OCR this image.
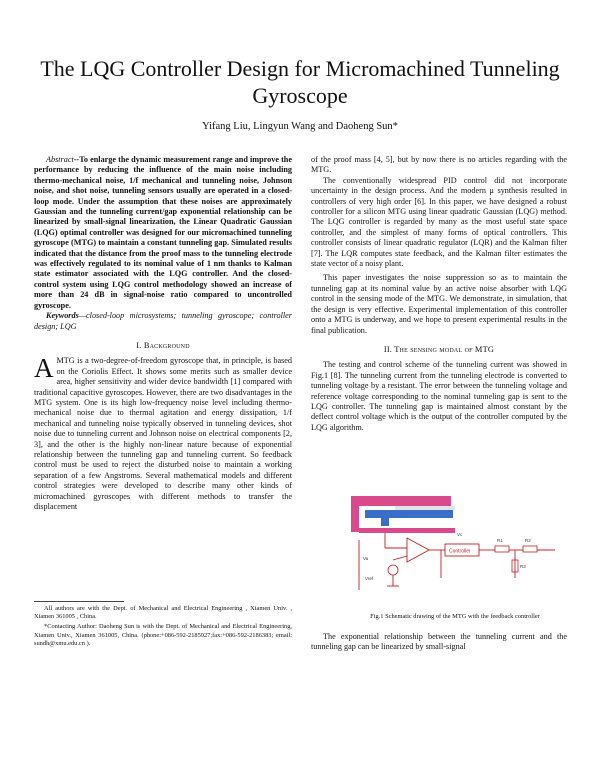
The LQG Controller Design for Micromachined Tunneling Gyroscope
Yifang Liu, Lingyun Wang and Daoheng Sun*

Abstract--To enlarge the dynamic measurement range and improve the performance by reducing the influence of the main noise including thermo-mechanical noise, 1/f mechanical and tunneling noise, Johnson noise, and shot noise, tunneling sensors usually are operated in a closed-loop mode. Under the assumption that these noises are approximately Gaussian and the tunneling current/gap exponential relationship can be linearized by small-signal linearization, the Linear Quadratic Gaussian (LQG) optimal controller was designed for our micromachined tunneling gyroscope (MTG) to maintain a constant tunneling gap. Simulated results indicated that the distance from the proof mass to the tunneling electrode was effectively regulated to its nominal value of 1 nm thanks to Kalman state estimator associated with the LQG controller. And the closed-control system using LQG control methodology showed an increase of more than 24 dB in signal-noise ratio compared to uncontrolled gyroscope.

Keywords—closed-loop microsystems; tunneling gyroscope; controller design; LQG

I. Background

AMTG is a two-degree-of-freedom gyroscope that, in principle, is based on the Coriolis Effect. It shows some merits such as smaller device area, higher sensitivity and wider device bandwidth [1] compared with traditional capacitive gyroscopes. However, there are two disadvantages in the MTG system. One is its high low-frequency noise level including thermo-mechanical noise due to thermal agitation and energy dissipation, 1/f mechanical and tunneling noise typically observed in tunneling devices, shot noise due to tunneling current and Johnson noise on electrical components [2, 3], and the other is the highly non-linear nature because of exponential relationship between the tunneling gap and tunneling current. So feedback control must be used to reject the disturbed noise to maintain a working separation of a few Angstroms. Several mathematical models and different control strategies were developed to describe many other kinds of micromachined gyroscopes with different methods to transfer the displacement

All authors are with the Dept. of Mechanical and Electrical Engineering , Xiamen Univ. , Xiamen 361005 , China.

*Contacting Author: Daoheng Sun is with the Dept. of Mechanical and Electrical Engineering, Xiamen Univ., Xiamen 361005, China. (phone:+086-592-2185927;fax:+086-592-2186383; email: sundh@xmu.edu.cn ).

of the proof mass [4, 5], but by now there is no articles regarding with the MTG.

The conventionally widespread PID control did not incorporate uncertainty in the design process. And the modern μ synthesis resulted in controllers of very high order [6]. In this paper, we have designed a robust controller for a silicon MTG using linear quadratic Gaussian (LQG) method. The LQG controller is regarded by many as the most useful state space controller, and the simplest of many forms of optical controllers. This controller consists of linear quadratic regulator (LQR) and the Kalman filter [7]. The LQR computes state feedback, and the Kalman filter estimates the state vector of a noisy plant.

This paper investigates the noise suppression so as to maintain the tunneling gap at its nominal value by an active noise absorber with LQG control in the sensing mode of the MTG. We demonstrate, in simulation, that the design is very effective. Experimental implementation of this controller onto a MTG is underway, and we hope to present experimental results in the final publication.

II. The sensing modal of MTG

The testing and control scheme of the tunneling current was showed in Fig.1 [8]. The tunneling current from the tunneling electrode is converted to tunneling voltage by a resistant. The error between the tunneling voltage and reference voltage corresponding to the nominal tunneling gap is sent to the LQG controller. The tunneling gap is maintained almost constant by the deflect control voltage which is the output of the controller computed by the LQG algorithm.

Controller
Va
Vc
Vref
R1	R2
R3
Fig.1 Schematic drawing of the MTG with the feedback controller

The exponential relationship between the tunneling current and the tunneling gap can be linearized by small-signal
